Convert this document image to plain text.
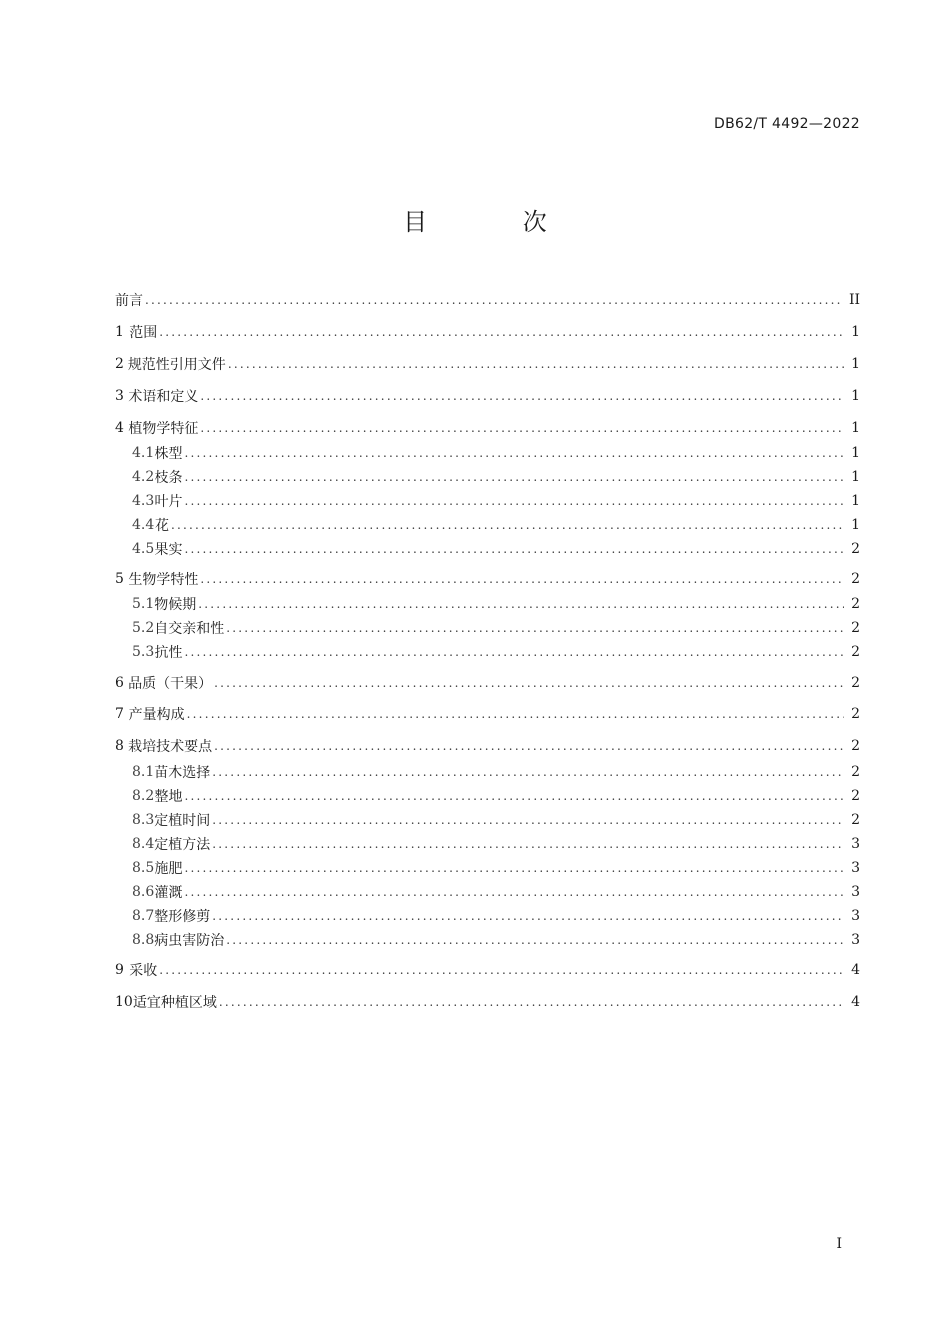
DB62/T 4492—2022
目 次
前言 .....	II
1 范围 .....	1
2 规范性引用文件 .....	1
3 术语和定义 .....	1
4 植物学特征 .....	1
4.1 株型 .....	1
4.2 枝条 .....	1
4.3 叶片 .....	1
4.4 花 .....	1
4.5 果实 .....	2
5 生物学特性 .....	2
5.1 物候期 .....	2
5.2 自交亲和性 .....	2
5.3 抗性 .....	2
6 品质（干果） .....	2
7 产量构成 .....	2
8 栽培技术要点 .....	2
8.1 苗木选择 .....	2
8.2 整地 .....	2
8.3 定植时间 .....	2
8.4 定植方法 .....	3
8.5 施肥 .....	3
8.6 灌溉 .....	3
8.7 整形修剪 .....	3
8.8 病虫害防治 .....	3
9 采收 .....	4
10 适宜种植区域 .....	4
I
